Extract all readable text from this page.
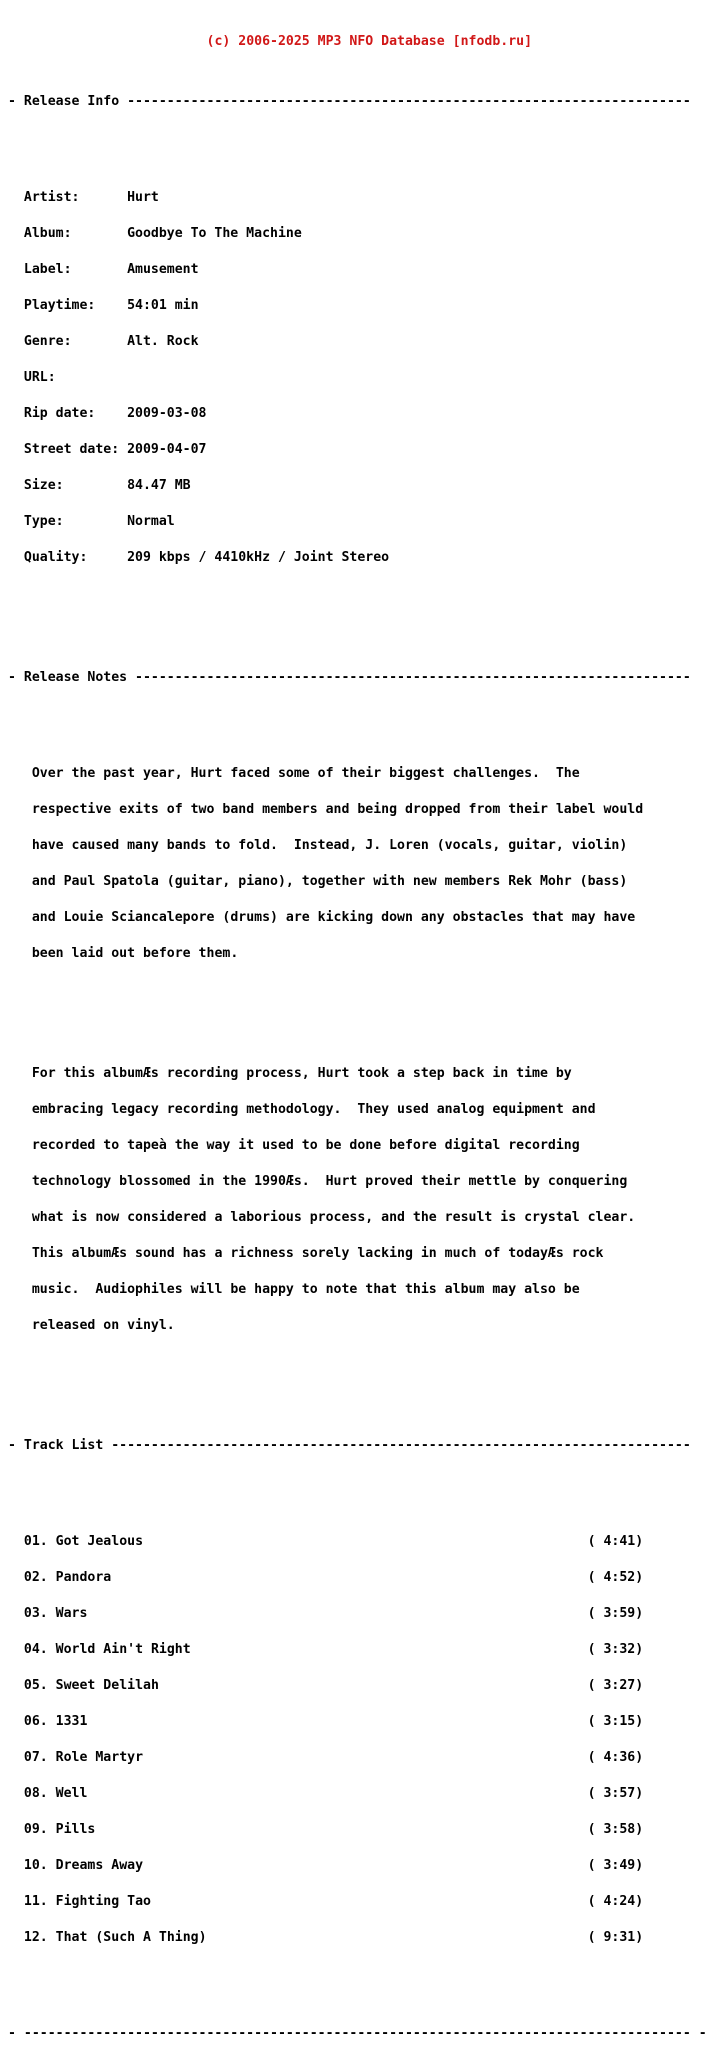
(c) 2006-2025 MP3 NFO Database [nfodb.ru]

- Release Info -----------------------------------------------------------------------

Artist:	Hurt

Album:	Goodbye To The Machine

Label:	Amusement

Playtime: 54:01 min

Genre:	Alt. Rock

URL:

Rip date: 2009-03-08

Street date: 2009-04-07

Size:	84.47 MB

Type:	Normal

Quality:	209 kbps / 4410kHz / Joint Stereo

- Release Notes ----------------------------------------------------------------------

Over the past year, Hurt faced some of their biggest challenges.  The

respective exits of two band members and being dropped from their label would

have caused many bands to fold.  Instead, J. Loren (vocals, guitar, violin)

and Paul Spatola (guitar, piano), together with new members Rek Mohr (bass)

and Louie Sciancalepore (drums) are kicking down any obstacles that may have

been laid out before them.

For this albumÆs recording process, Hurt took a step back in time by

embracing legacy recording methodology.  They used analog equipment and

recorded to tapeà the way it used to be done before digital recording

technology blossomed in the 1990Æs.  Hurt proved their mettle by conquering

what is now considered a laborious process, and the result is crystal clear.

This albumÆs sound has a richness sorely lacking in much of todayÆs rock

music.  Audiophiles will be happy to note that this album may also be

released on vinyl.

- Track List -------------------------------------------------------------------------

01. Got Jealous	( 4:41)

02. Pandora	( 4:52)

03. Wars	( 3:59)

04. World Ain't Right	( 3:32)

05. Sweet Delilah	( 3:27)

06. 1331	( 3:15)

07. Role Martyr	( 4:36)

08. Well	( 3:57)

09. Pills	( 3:58)

10. Dreams Away	( 3:49)

11. Fighting Tao	( 4:24)

12. That (Such A Thing)	( 9:31)

- ------------------------------------------------------------------------------------ -
